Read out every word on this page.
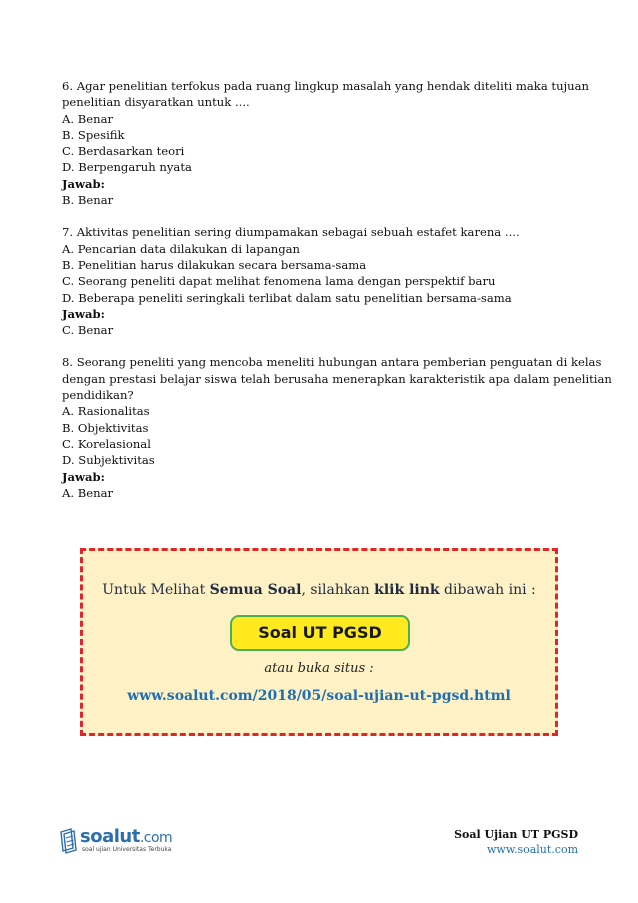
6. Agar penelitian terfokus pada ruang lingkup masalah yang hendak diteliti maka tujuan
penelitian disyaratkan untuk ....
A. Benar
B. Spesifik
C. Berdasarkan teori
D. Berpengaruh nyata
Jawab:
B. Benar
7. Aktivitas penelitian sering diumpamakan sebagai sebuah estafet karena ....
A. Pencarian data dilakukan di lapangan
B. Penelitian harus dilakukan secara bersama-sama
C. Seorang peneliti dapat melihat fenomena lama dengan perspektif baru
D. Beberapa peneliti seringkali terlibat dalam satu penelitian bersama-sama
Jawab:
C. Benar
8. Seorang peneliti yang mencoba meneliti hubungan antara pemberian penguatan di kelas
dengan prestasi belajar siswa telah berusaha menerapkan karakteristik apa dalam penelitian
pendidikan?
A. Rasionalitas
B. Objektivitas
C. Korelasional
D. Subjektivitas
Jawab:
A. Benar
Untuk Melihat Semua Soal, silahkan klik link dibawah ini :
Soal UT PGSD
atau buka situs :
www.soalut.com/2018/05/soal-ujian-ut-pgsd.html
soalut.com
soal ujian Universitas Terbuka
Soal Ujian UT PGSD
www.soalut.com
